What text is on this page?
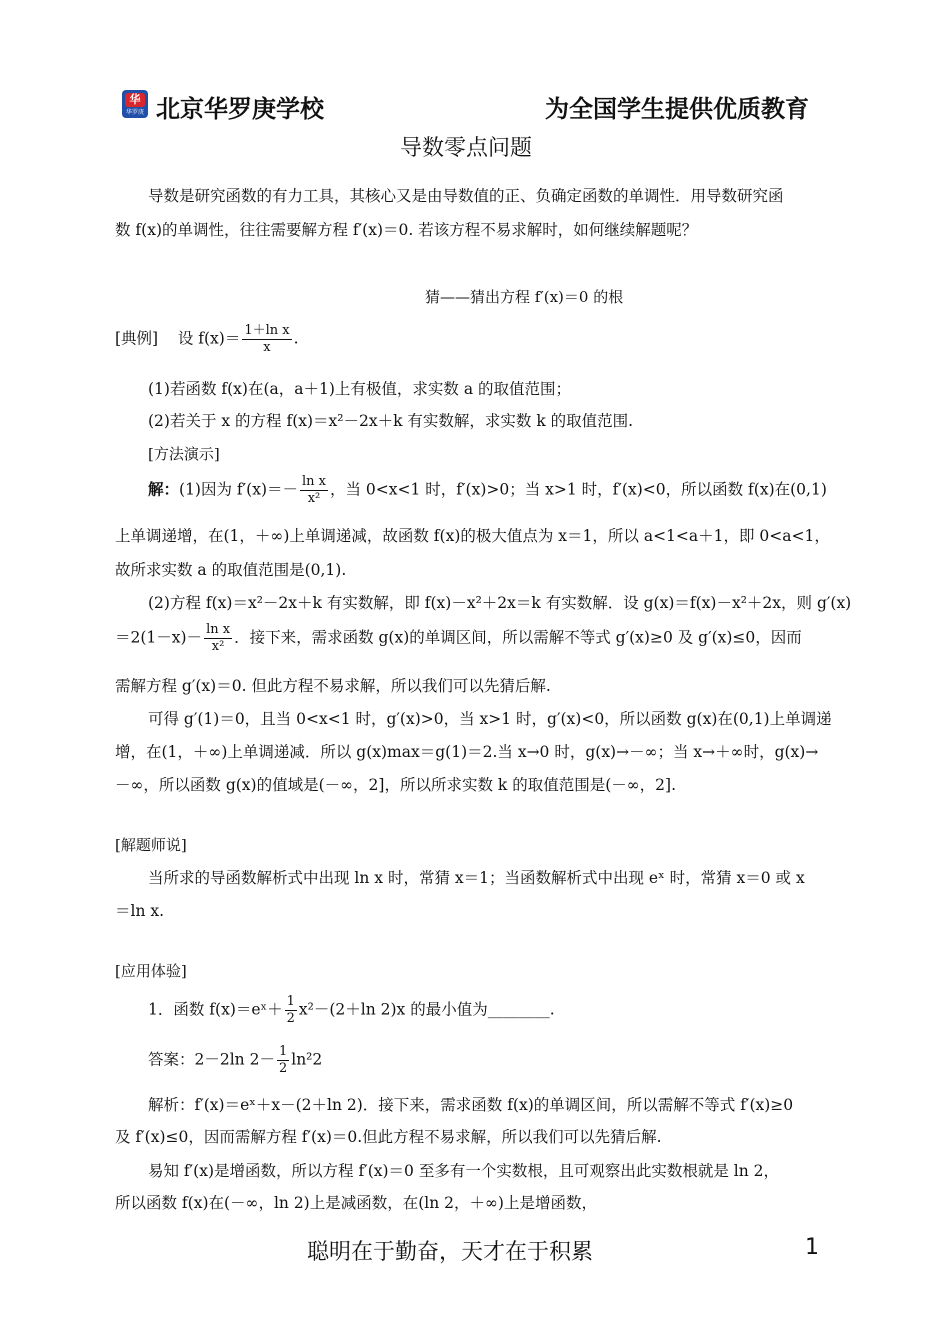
华
华罗庚 北京华罗庚学校	为全国学生提供优质教育
导数零点问题
导数是研究函数的有力工具，其核心又是由导数值的正、负确定函数的单调性．用导数研究函
数 f(x)的单调性，往往需要解方程 f′(x)＝0. 若该方程不易求解时，如何继续解题呢？
猜——猜出方程 f′(x)＝0 的根
[典例] 设 $f(x)= \frac{\text{1＋ln x}}{x}$ .
(1)若函数 f(x)在(a，a＋1)上有极值，求实数 a 的取值范围；
(2)若关于 x 的方程 f(x)＝x²－2x＋k 有实数解，求实数 k 的取值范围.
[方法演示]
解：(1)因为 $f'(x)=- \frac{\text{ln x}}{\text{x²}}$ ，当 0<x<1 时，f′(x)>0；当 x>1 时，f′(x)<0，所以函数 f(x)在(0,1)
上单调递增，在(1，＋∞)上单调递减，故函数 f(x)的极大值点为 x＝1，所以 a<1<a＋1，即 0<a<1，
故所求实数 a 的取值范围是(0,1).
(2)方程 f(x)＝x²－2x＋k 有实数解，即 f(x)－x²＋2x＝k 有实数解．设 g(x)＝f(x)－x²＋2x，则 g′(x)
$=2(1-x)- \frac{\text{ln x}}{\text{x²}}$ ．接下来，需求函数 g(x)的单调区间，所以需解不等式 g′(x)≥0 及 g′(x)≤0，因而
需解方程 g′(x)＝0. 但此方程不易求解，所以我们可以先猜后解.
可得 g′(1)＝0，且当 0<x<1 时，g′(x)>0，当 x>1 时，g′(x)<0，所以函数 g(x)在(0,1)上单调递
增，在(1，＋∞)上单调递减．所以 g(x)max＝g(1)＝2.当 x→0 时，g(x)→－∞；当 x→＋∞时，g(x)→
－∞，所以函数 g(x)的值域是(－∞，2]，所以所求实数 k 的取值范围是(－∞，2].
[解题师说]
当所求的导函数解析式中出现 ln x 时，常猜 x＝1；当函数解析式中出现 eˣ 时，常猜 x＝0 或 x
＝ln x.
[应用体验]
1．函数 f(x)＝eˣ＋ $\frac{1}{2} x^2-(2+\ln$ 2)x 的最小值为________.
答案：2－2ln $2- \frac{1}{2} \ln^22$
解析：f′(x)＝eˣ＋x－(2＋ln 2)．接下来，需求函数 f(x)的单调区间，所以需解不等式 f′(x)≥0
及 f′(x)≤0，因而需解方程 f′(x)＝0.但此方程不易求解，所以我们可以先猜后解.
易知 f′(x)是增函数，所以方程 f′(x)＝0 至多有一个实数根，且可观察出此实数根就是 ln 2，
所以函数 f(x)在(－∞，ln 2)上是减函数，在(ln 2，＋∞)上是增函数，
聪明在于勤奋，天才在于积累	1
